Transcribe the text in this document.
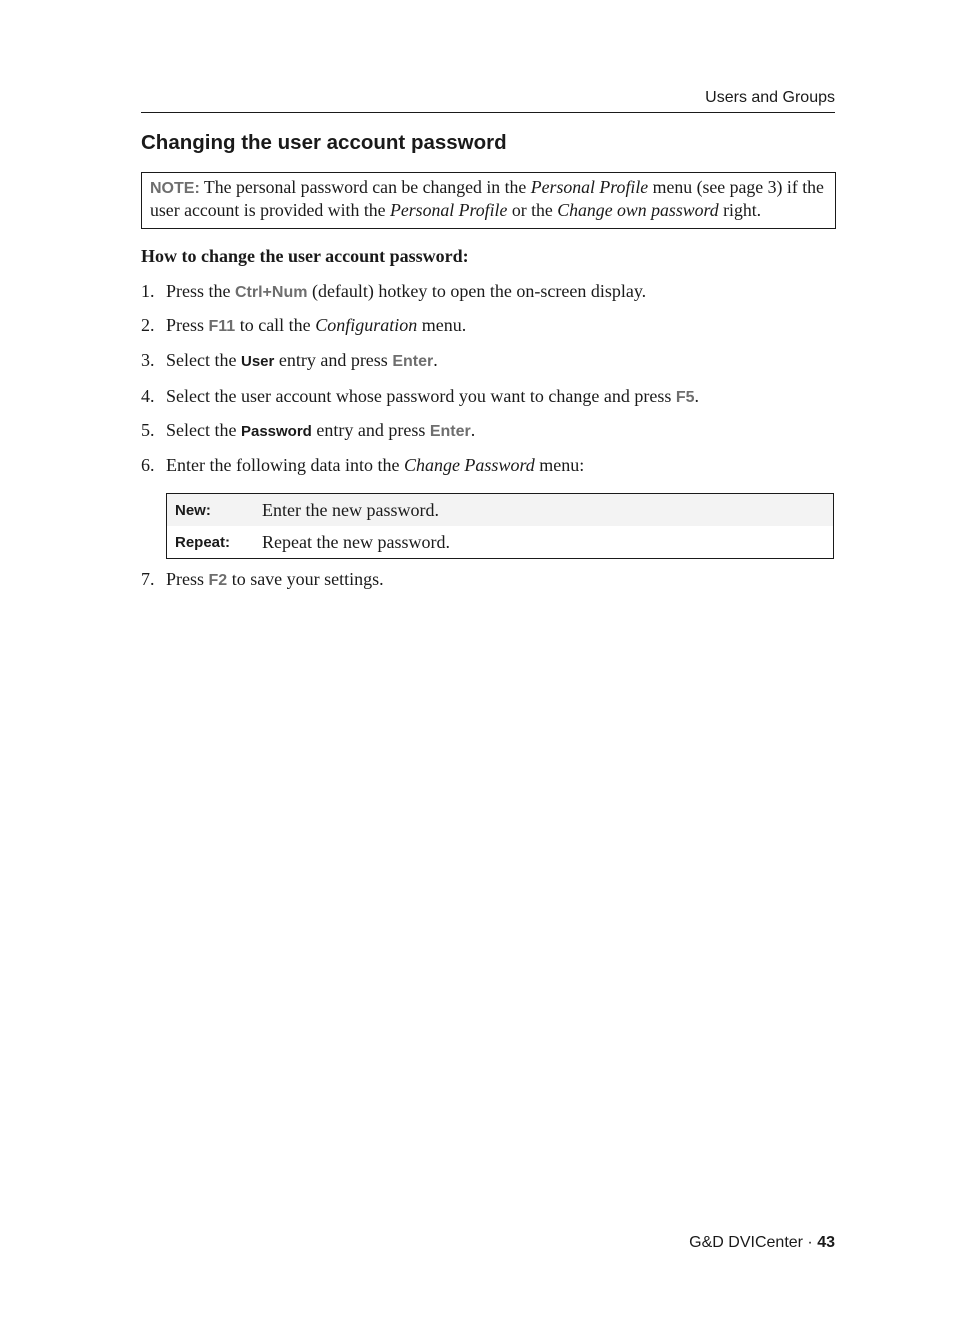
Users and Groups
Changing the user account password
NOTE: The personal password can be changed in the Personal Profile menu (see page 3) if the user account is provided with the Personal Profile or the Change own password right.
How to change the user account password:
1. Press the Ctrl+Num (default) hotkey to open the on-screen display.
2. Press F11 to call the Configuration menu.
3. Select the User entry and press Enter.
4. Select the user account whose password you want to change and press F5.
5. Select the Password entry and press Enter.
6. Enter the following data into the Change Password menu:
New:	Enter the new password.
Repeat:	Repeat the new password.
7. Press F2 to save your settings.
G&D DVICenter · 43
